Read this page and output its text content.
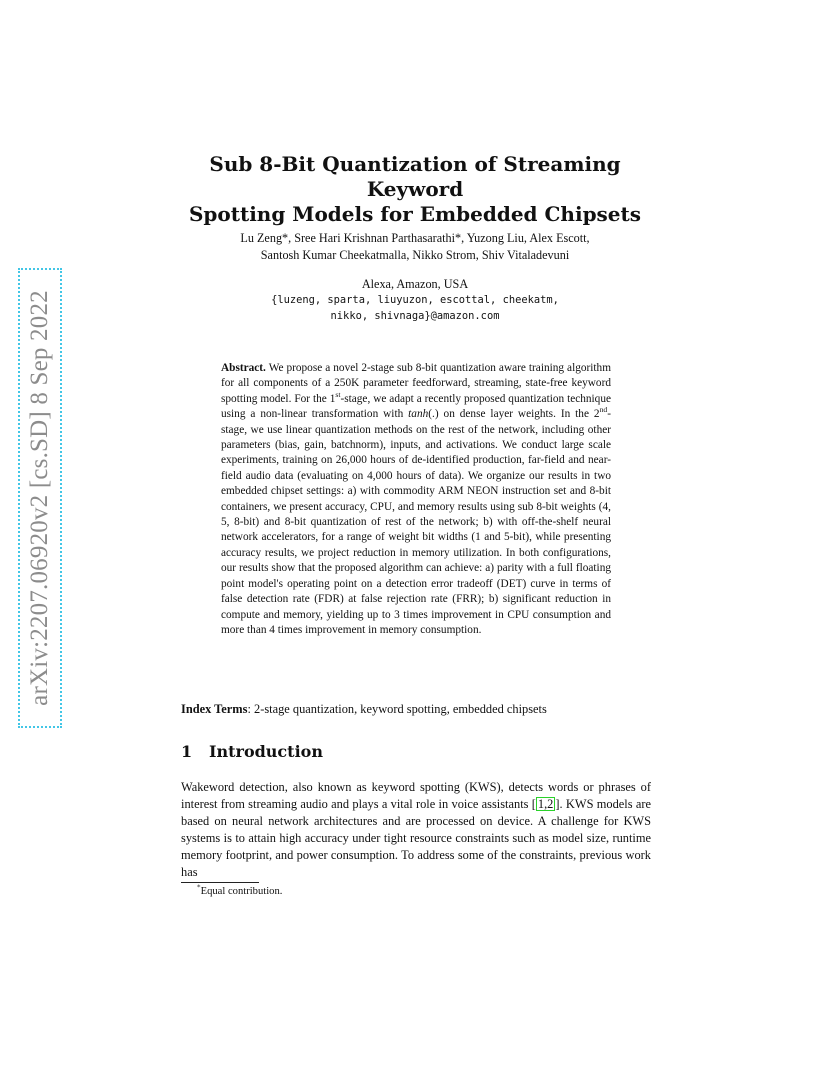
arXiv:2207.06920v2 [cs.SD] 8 Sep 2022
Sub 8-Bit Quantization of Streaming Keyword
Spotting Models for Embedded Chipsets
Lu Zeng*, Sree Hari Krishnan Parthasarathi*, Yuzong Liu, Alex Escott,
Santosh Kumar Cheekatmalla, Nikko Strom, Shiv Vitaladevuni
Alexa, Amazon, USA
{luzeng, sparta, liuyuzon, escottal, cheekatm,
nikko, shivnaga}@amazon.com
Abstract. We propose a novel 2-stage sub 8-bit quantization aware training algorithm for all components of a 250K parameter feedforward, streaming, state-free keyword spotting model. For the 1st-stage, we adapt a recently proposed quantization technique using a non-linear transformation with tanh(.) on dense layer weights. In the 2nd-stage, we use linear quantization methods on the rest of the network, including other parameters (bias, gain, batchnorm), inputs, and activations. We conduct large scale experiments, training on 26,000 hours of de-identified production, far-field and near-field audio data (evaluating on 4,000 hours of data). We organize our results in two embedded chipset settings: a) with commodity ARM NEON instruction set and 8-bit containers, we present accuracy, CPU, and memory results using sub 8-bit weights (4, 5, 8-bit) and 8-bit quantization of rest of the network; b) with off-the-shelf neural network accelerators, for a range of weight bit widths (1 and 5-bit), while presenting accuracy results, we project reduction in memory utilization. In both configurations, our results show that the proposed algorithm can achieve: a) parity with a full floating point model's operating point on a detection error tradeoff (DET) curve in terms of false detection rate (FDR) at false rejection rate (FRR); b) significant reduction in compute and memory, yielding up to 3 times improvement in CPU consumption and more than 4 times improvement in memory consumption.
Index Terms: 2-stage quantization, keyword spotting, embedded chipsets
1 Introduction
Wakeword detection, also known as keyword spotting (KWS), detects words or phrases of interest from streaming audio and plays a vital role in voice assistants [ 1,2 ]. KWS models are based on neural network architectures and are processed on device. A challenge for KWS systems is to attain high accuracy under tight resource constraints such as model size, runtime memory footprint, and power consumption. To address some of the constraints, previous work has
*Equal contribution.
